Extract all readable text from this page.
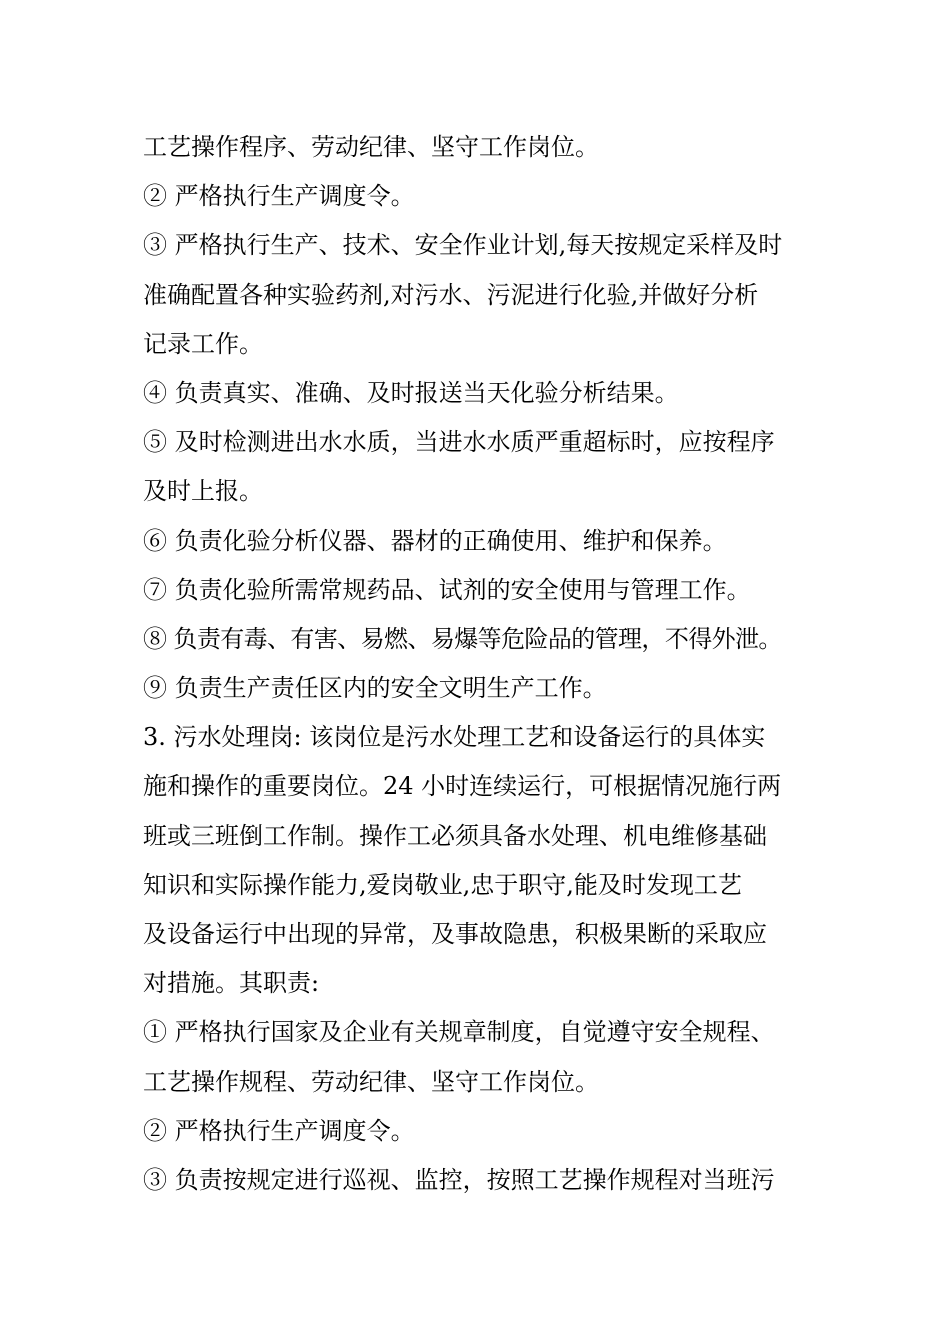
工艺操作程序、劳动纪律、坚守工作岗位。
② 严格执行生产调度令。
③ 严格执行生产、技术、安全作业计划,每天按规定采样及时
准确配置各种实验药剂,对污水、污泥进行化验,并做好分析
记录工作。
④ 负责真实、准确、及时报送当天化验分析结果。
⑤ 及时检测进出水水质，当进水水质严重超标时，应按程序
及时上报。
⑥ 负责化验分析仪器、器材的正确使用、维护和保养。
⑦ 负责化验所需常规药品、试剂的安全使用与管理工作。
⑧ 负责有毒、有害、易燃、易爆等危险品的管理，不得外泄。
⑨ 负责生产责任区内的安全文明生产工作。
3. 污水处理岗: 该岗位是污水处理工艺和设备运行的具体实
施和操作的重要岗位。24 小时连续运行，可根据情况施行两
班或三班倒工作制。操作工必须具备水处理、机电维修基础
知识和实际操作能力,爱岗敬业,忠于职守,能及时发现工艺
及设备运行中出现的异常，及事故隐患，积极果断的采取应
对措施。其职责:
① 严格执行国家及企业有关规章制度，自觉遵守安全规程、
工艺操作规程、劳动纪律、坚守工作岗位。
② 严格执行生产调度令。
③ 负责按规定进行巡视、监控，按照工艺操作规程对当班污
